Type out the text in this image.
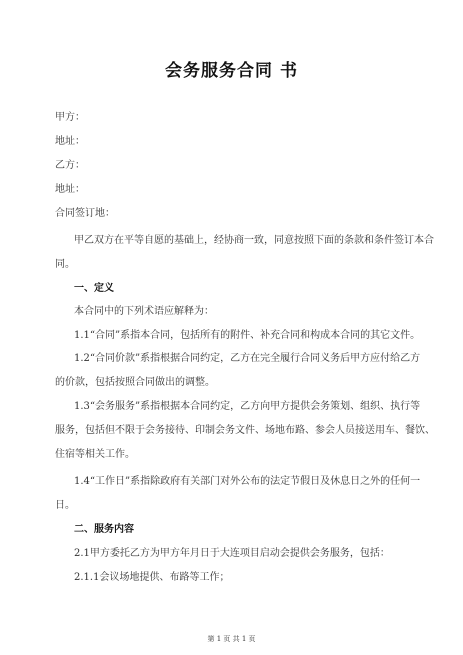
会务服务合同 书
甲方：
地址：
乙方：
地址：
合同签订地：
甲乙双方在平等自愿的基础上，经协商一致，同意按照下面的条款和条件签订本合
同。
一、定义
本合同中的下列术语应解释为：
1.1“合同”系指本合同，包括所有的附件、补充合同和构成本合同的其它文件。
1.2“合同价款”系指根据合同约定，乙方在完全履行合同义务后甲方应付给乙方
的价款，包括按照合同做出的调整。
1.3“会务服务”系指根据本合同约定，乙方向甲方提供会务策划、组织、执行等
服务，包括但不限于会务接待、印制会务文件、场地布路、参会人员接送用车、餐饮、
住宿等相关工作。
1.4“工作日”系指除政府有关部门对外公布的法定节假日及休息日之外的任何一
日。
二、服务内容
2.1甲方委托乙方为甲方年月日于大连项目启动会提供会务服务，包括：
2.1.1会议场地提供、布路等工作；
第 1 页 共 1 页
